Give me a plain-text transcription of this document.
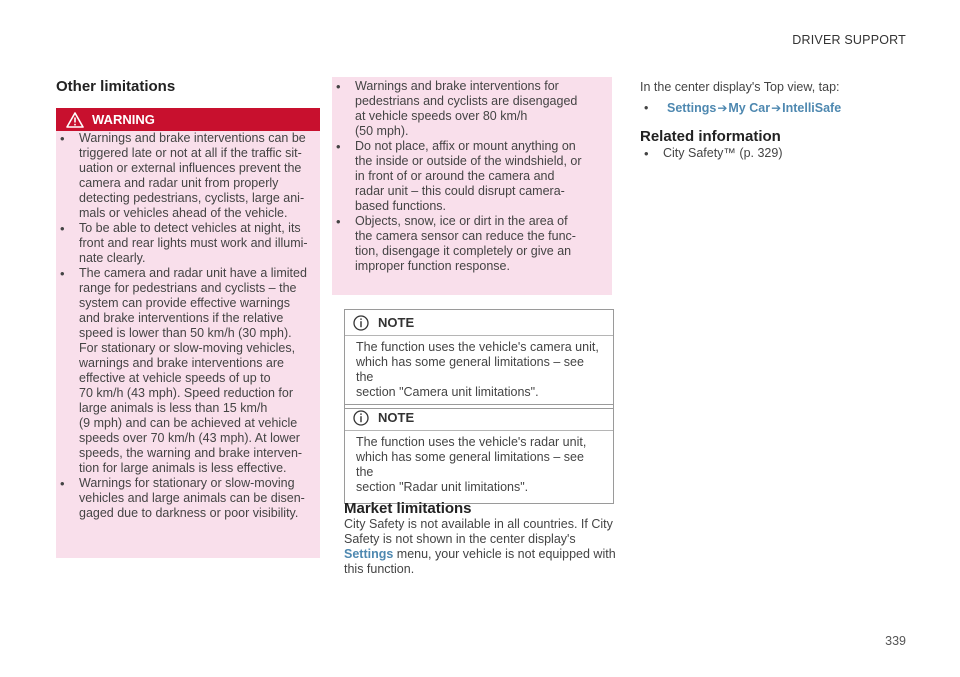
DRIVER SUPPORT
Other limitations
WARNING
• Warnings and brake interventions can be
triggered late or not at all if the traffic sit-
uation or external influences prevent the
camera and radar unit from properly
detecting pedestrians, cyclists, large ani-
mals or vehicles ahead of the vehicle.
• To be able to detect vehicles at night, its
front and rear lights must work and illumi-
nate clearly.
• The camera and radar unit have a limited
range for pedestrians and cyclists – the
system can provide effective warnings
and brake interventions if the relative
speed is lower than 50 km/h (30 mph).
For stationary or slow-moving vehicles,
warnings and brake interventions are
effective at vehicle speeds of up to
70 km/h (43 mph). Speed reduction for
large animals is less than 15 km/h
(9 mph) and can be achieved at vehicle
speeds over 70 km/h (43 mph). At lower
speeds, the warning and brake interven-
tion for large animals is less effective.
• Warnings for stationary or slow-moving
vehicles and large animals can be disen-
gaged due to darkness or poor visibility.
• Warnings and brake interventions for
pedestrians and cyclists are disengaged
at vehicle speeds over 80 km/h
(50 mph).
• Do not place, affix or mount anything on
the inside or outside of the windshield, or
in front of or around the camera and
radar unit – this could disrupt camera-
based functions.
• Objects, snow, ice or dirt in the area of
the camera sensor can reduce the func-
tion, disengage it completely or give an
improper function response.
NOTE
The function uses the vehicle's camera unit,
which has some general limitations – see the
section "Camera unit limitations".
NOTE
The function uses the vehicle's radar unit,
which has some general limitations – see the
section "Radar unit limitations".
Market limitations
City Safety is not available in all countries. If City
Safety is not shown in the center display's
Settings menu, your vehicle is not equipped with
this function.
In the center display's Top view, tap:
•	Settings ➔ My Car ➔ IntelliSafe
Related information
• City Safety™ (p. 329)
339
